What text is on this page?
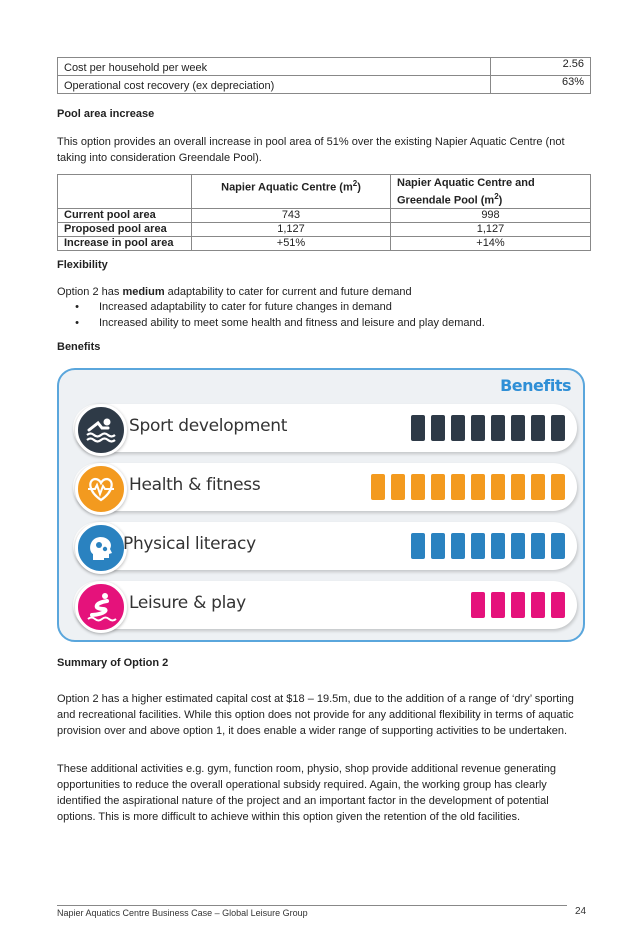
Cost per household per week	2.56
Operational cost recovery (ex depreciation)	63%
Pool area increase
This option provides an overall increase in pool area of 51% over the existing Napier Aquatic Centre (not taking into consideration Greendale Pool).
	Napier Aquatic Centre $(m^2)$	Napier Aquatic Centre and
Greendale Pool $(m^2)$

Current pool area	743	998
Proposed pool area	1,127	1,127
Increase in pool area	+51%	+14%
Flexibility
Option 2 has medium adaptability to cater for current and future demand
•	Increased adaptability to cater for future changes in demand
•	Increased ability to meet some health and fitness and leisure and play demand.
Benefits
Benefits
Sport development
Health & fitness
Physical literacy
Leisure & play
Summary of Option 2
Option 2 has a higher estimated capital cost at $18 – 19.5m, due to the addition of a range of ‘dry’ sporting and recreational facilities. While this option does not provide for any additional flexibility in terms of aquatic provision over and above option 1, it does enable a wider range of supporting activities to be undertaken.
These additional activities e.g. gym, function room, physio, shop provide additional revenue generating opportunities to reduce the overall operational subsidy required. Again, the working group has clearly identified the aspirational nature of the project and an important factor in the development of potential options. This is more difficult to achieve within this option given the retention of the old facilities.
Napier Aquatics Centre Business Case – Global Leisure Group	24
